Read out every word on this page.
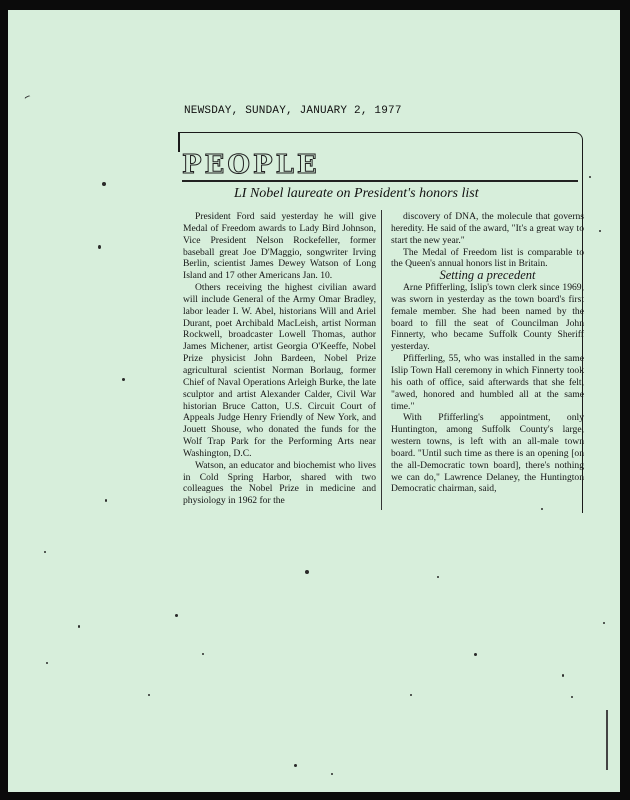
NEWSDAY, SUNDAY, JANUARY 2, 1977
PEOPLE
LI Nobel laureate on President's honors list

President Ford said yesterday he will give Medal of Freedom awards to Lady Bird Johnson, Vice President Nelson Rockefeller, former baseball great Joe D'Maggio, songwriter Irving Berlin, scientist James Dewey Watson of Long Island and 17 other Americans Jan. 10.

Others receiving the highest civilian award will include General of the Army Omar Bradley, labor leader I. W. Abel, historians Will and Ariel Durant, poet Archibald MacLeish, artist Norman Rockwell, broadcaster Lowell Thomas, author James Michener, artist Georgia O'Keeffe, Nobel Prize physicist John Bardeen, Nobel Prize agricultural scientist Norman Borlaug, former Chief of Naval Operations Arleigh Burke, the late sculptor and artist Alexander Calder, Civil War historian Bruce Catton, U.S. Circuit Court of Appeals Judge Henry Friendly of New York, and Jouett Shouse, who donated the funds for the Wolf Trap Park for the Performing Arts near Washington, D.C.

Watson, an educator and biochemist who lives in Cold Spring Harbor, shared with two colleagues the Nobel Prize in medicine and physiology in 1962 for the

discovery of DNA, the molecule that governs heredity. He said of the award, "It's a great way to start the new year."

The Medal of Freedom list is comparable to the Queen's annual honors list in Britain.

Setting a precedent

Arne Pfifferling, Islip's town clerk since 1969, was sworn in yesterday as the town board's first female member. She had been named by the board to fill the seat of Councilman John Finnerty, who became Suffolk County Sheriff yesterday.

Pfifferling, 55, who was installed in the same Islip Town Hall ceremony in which Finnerty took his oath of office, said afterwards that she felt, "awed, honored and humbled all at the same time."

With Pfifferling's appointment, only Huntington, among Suffolk County's large, western towns, is left with an all-male town board. "Until such time as there is an opening [on the all-Democratic town board], there's nothing we can do," Lawrence Delaney, the Huntington Democratic chairman, said,
